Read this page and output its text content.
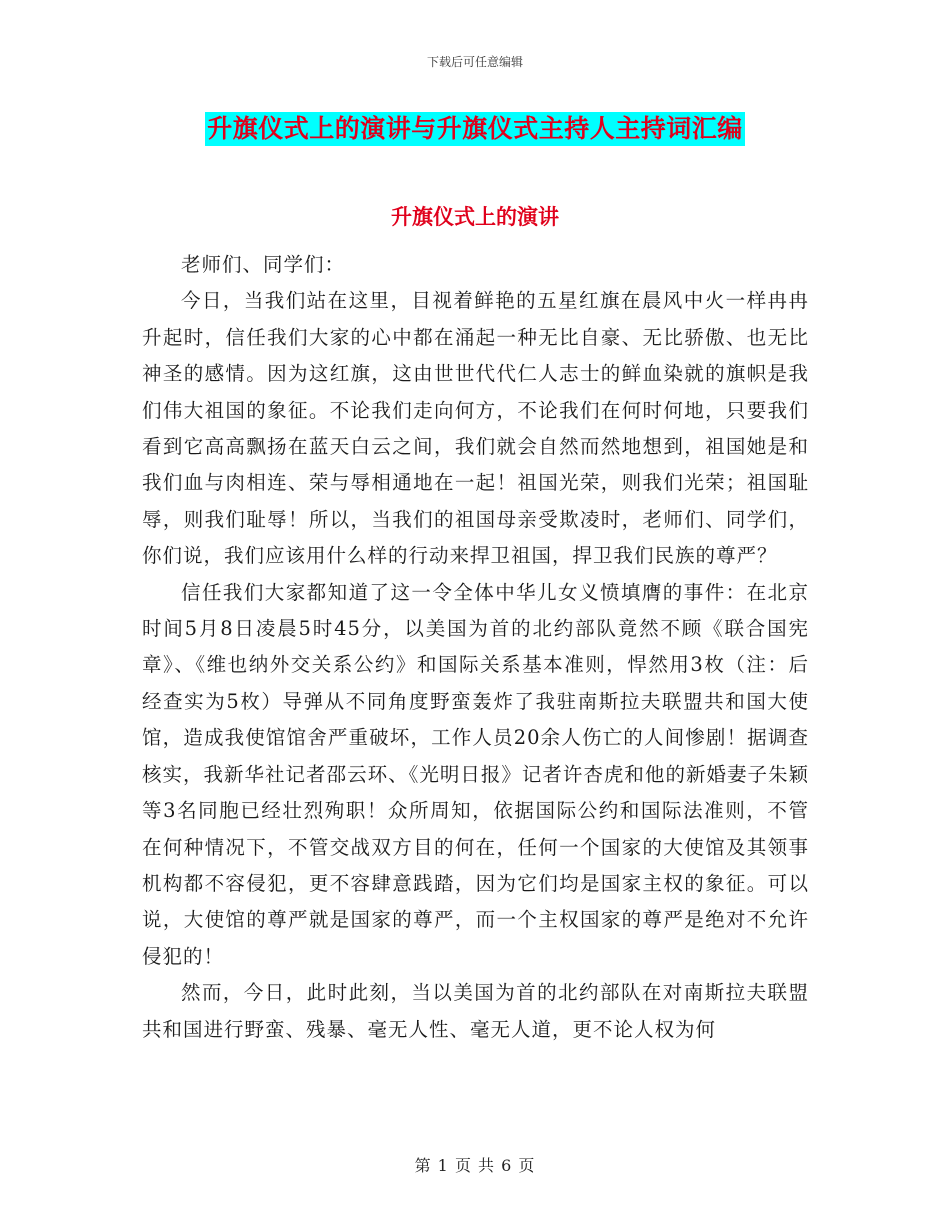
下载后可任意编辑
升旗仪式上的演讲与升旗仪式主持人主持词汇编
升旗仪式上的演讲

老师们、同学们：

今日，当我们站在这里，目视着鲜艳的五星红旗在晨风中火一样冉冉升起时，信任我们大家的心中都在涌起一种无比自豪、无比骄傲、也无比神圣的感情。因为这红旗，这由世世代代仁人志士的鲜血染就的旗帜是我们伟大祖国的象征。不论我们走向何方，不论我们在何时何地，只要我们看到它高高飘扬在蓝天白云之间，我们就会自然而然地想到，祖国她是和我们血与肉相连、荣与辱相通地在一起！祖国光荣，则我们光荣；祖国耻辱，则我们耻辱！所以，当我们的祖国母亲受欺凌时，老师们、同学们，你们说，我们应该用什么样的行动来捍卫祖国，捍卫我们民族的尊严？

信任我们大家都知道了这一令全体中华儿女义愤填膺的事件：在北京时间5月8日凌晨5时45分，以美国为首的北约部队竟然不顾《联合国宪章》、《维也纳外交关系公约》和国际关系基本准则，悍然用3枚（注：后经查实为5枚）导弹从不同角度野蛮轰炸了我驻南斯拉夫联盟共和国大使馆，造成我使馆馆舍严重破坏，工作人员20余人伤亡的人间惨剧！据调查核实，我新华社记者邵云环、《光明日报》记者许杏虎和他的新婚妻子朱颖等3名同胞已经壮烈殉职！众所周知，依据国际公约和国际法准则，不管在何种情况下，不管交战双方目的何在，任何一个国家的大使馆及其领事机构都不容侵犯，更不容肆意践踏，因为它们均是国家主权的象征。可以说，大使馆的尊严就是国家的尊严，而一个主权国家的尊严是绝对不允许侵犯的！

然而，今日，此时此刻，当以美国为首的北约部队在对南斯拉夫联盟共和国进行野蛮、残暴、毫无人性、毫无人道，更不论人权为何

第 1 页 共 6 页
